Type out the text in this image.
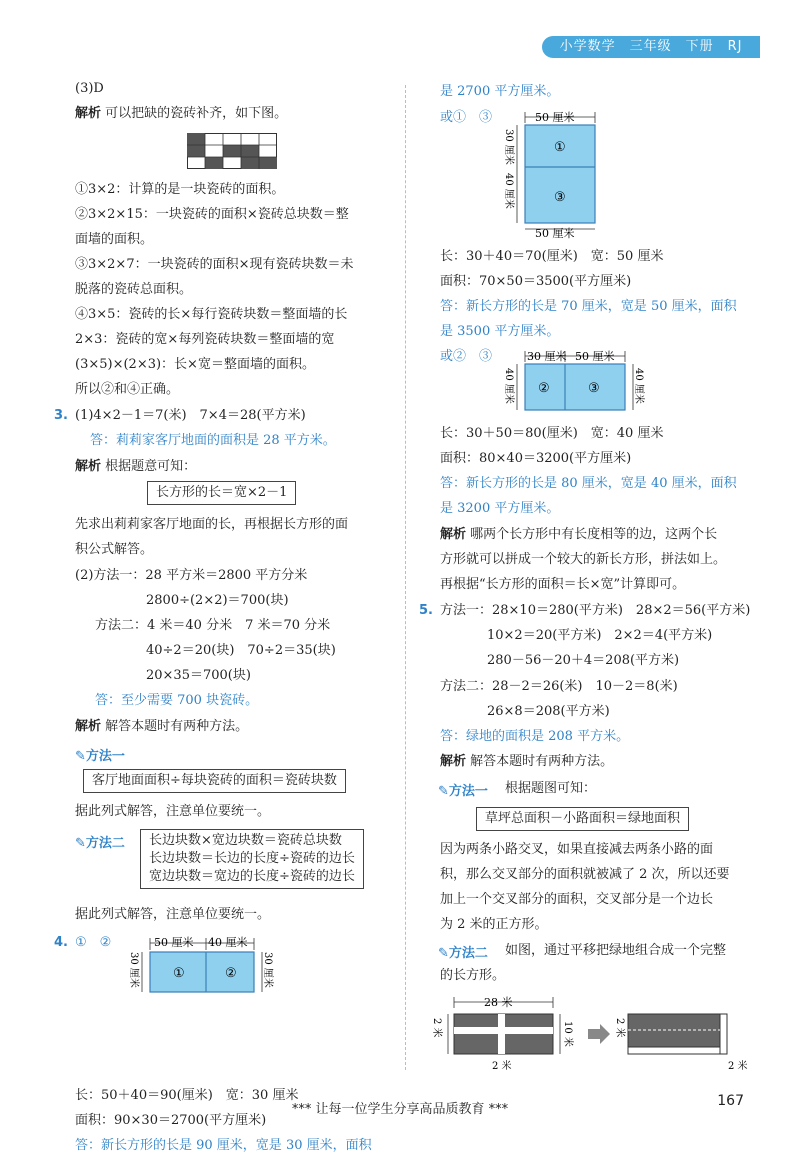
小学数学　三年级　下册　RJ
(3)D
解析 可以把缺的瓷砖补齐，如下图。
①3×2：计算的是一块瓷砖的面积。
②3×2×15：一块瓷砖的面积×瓷砖总块数＝整
面墙的面积。
③3×2×7：一块瓷砖的面积×现有瓷砖块数＝未
脱落的瓷砖总面积。
④3×5：瓷砖的长×每行瓷砖块数＝整面墙的长
2×3：瓷砖的宽×每列瓷砖块数＝整面墙的宽
(3×5)×(2×3)：长×宽＝整面墙的面积。
所以②和④正确。
3. (1)4×2－1＝7(米)　7×4＝28(平方米)
答：莉莉家客厅地面的面积是 28 平方米。
解析 根据题意可知：
长方形的长＝宽×2－1
先求出莉莉家客厅地面的长，再根据长方形的面
积公式解答。
(2)方法一：28 平方米＝2800 平方分米
2800÷(2×2)＝700(块)
方法二：4 米＝40 分米　7 米＝70 分米
40÷2＝20(块)　70÷2＝35(块)
20×35＝700(块)
答：至少需要 700 块瓷砖。
解析 解答本题时有两种方法。
✎方法一
客厅地面面积÷每块瓷砖的面积＝瓷砖块数
据此列式解答，注意单位要统一。
✎方法二 长边块数×宽边块数＝瓷砖总块数
长边块数＝长边的长度÷瓷砖的边长
宽边块数＝宽边的长度÷瓷砖的边长
据此列式解答，注意单位要统一。
4. ①　②	50 厘米 40 厘米
30 厘米	30 厘米
①	②
长：50＋40＝90(厘米)　宽：30 厘米
面积：90×30＝2700(平方厘米)
答：新长方形的长是 90 厘米，宽是 30 厘米，面积
是 2700 平方厘米。
或①　③	50 厘米
30 厘米
40 厘米
50 厘米
①
③
长：30＋40＝70(厘米)　宽：50 厘米
面积：70×50＝3500(平方厘米)
答：新长方形的长是 70 厘米，宽是 50 厘米，面积
是 3500 平方厘米。
或②　③	30 厘米 50 厘米
40 厘米	40 厘米
②	③
长：30＋50＝80(厘米)　宽：40 厘米
面积：80×40＝3200(平方厘米)
答：新长方形的长是 80 厘米，宽是 40 厘米，面积
是 3200 平方厘米。
解析 哪两个长方形中有长度相等的边，这两个长
方形就可以拼成一个较大的新长方形，拼法如上。
再根据“长方形的面积＝长×宽”计算即可。
5. 方法一：28×10＝280(平方米)　28×2＝56(平方米)
10×2＝20(平方米)　2×2＝4(平方米)
280－56－20＋4＝208(平方米)
方法二：28－2＝26(米)　10－2＝8(米)
26×8＝208(平方米)
答：绿地的面积是 208 平方米。
解析 解答本题时有两种方法。
✎方法一 根据题图可知：
草坪总面积－小路面积＝绿地面积
因为两条小路交叉，如果直接减去两条小路的面
积，那么交叉部分的面积就被减了 2 次，所以还要
加上一个交叉部分的面积，交叉部分是一个边长
为 2 米的正方形。
✎方法二 如图，通过平移把绿地组合成一个完整
的长方形。
28 米
2 米	10 米
2 米
2 米
2 米
*** 让每一位学生分享高品质教育 ***
167
